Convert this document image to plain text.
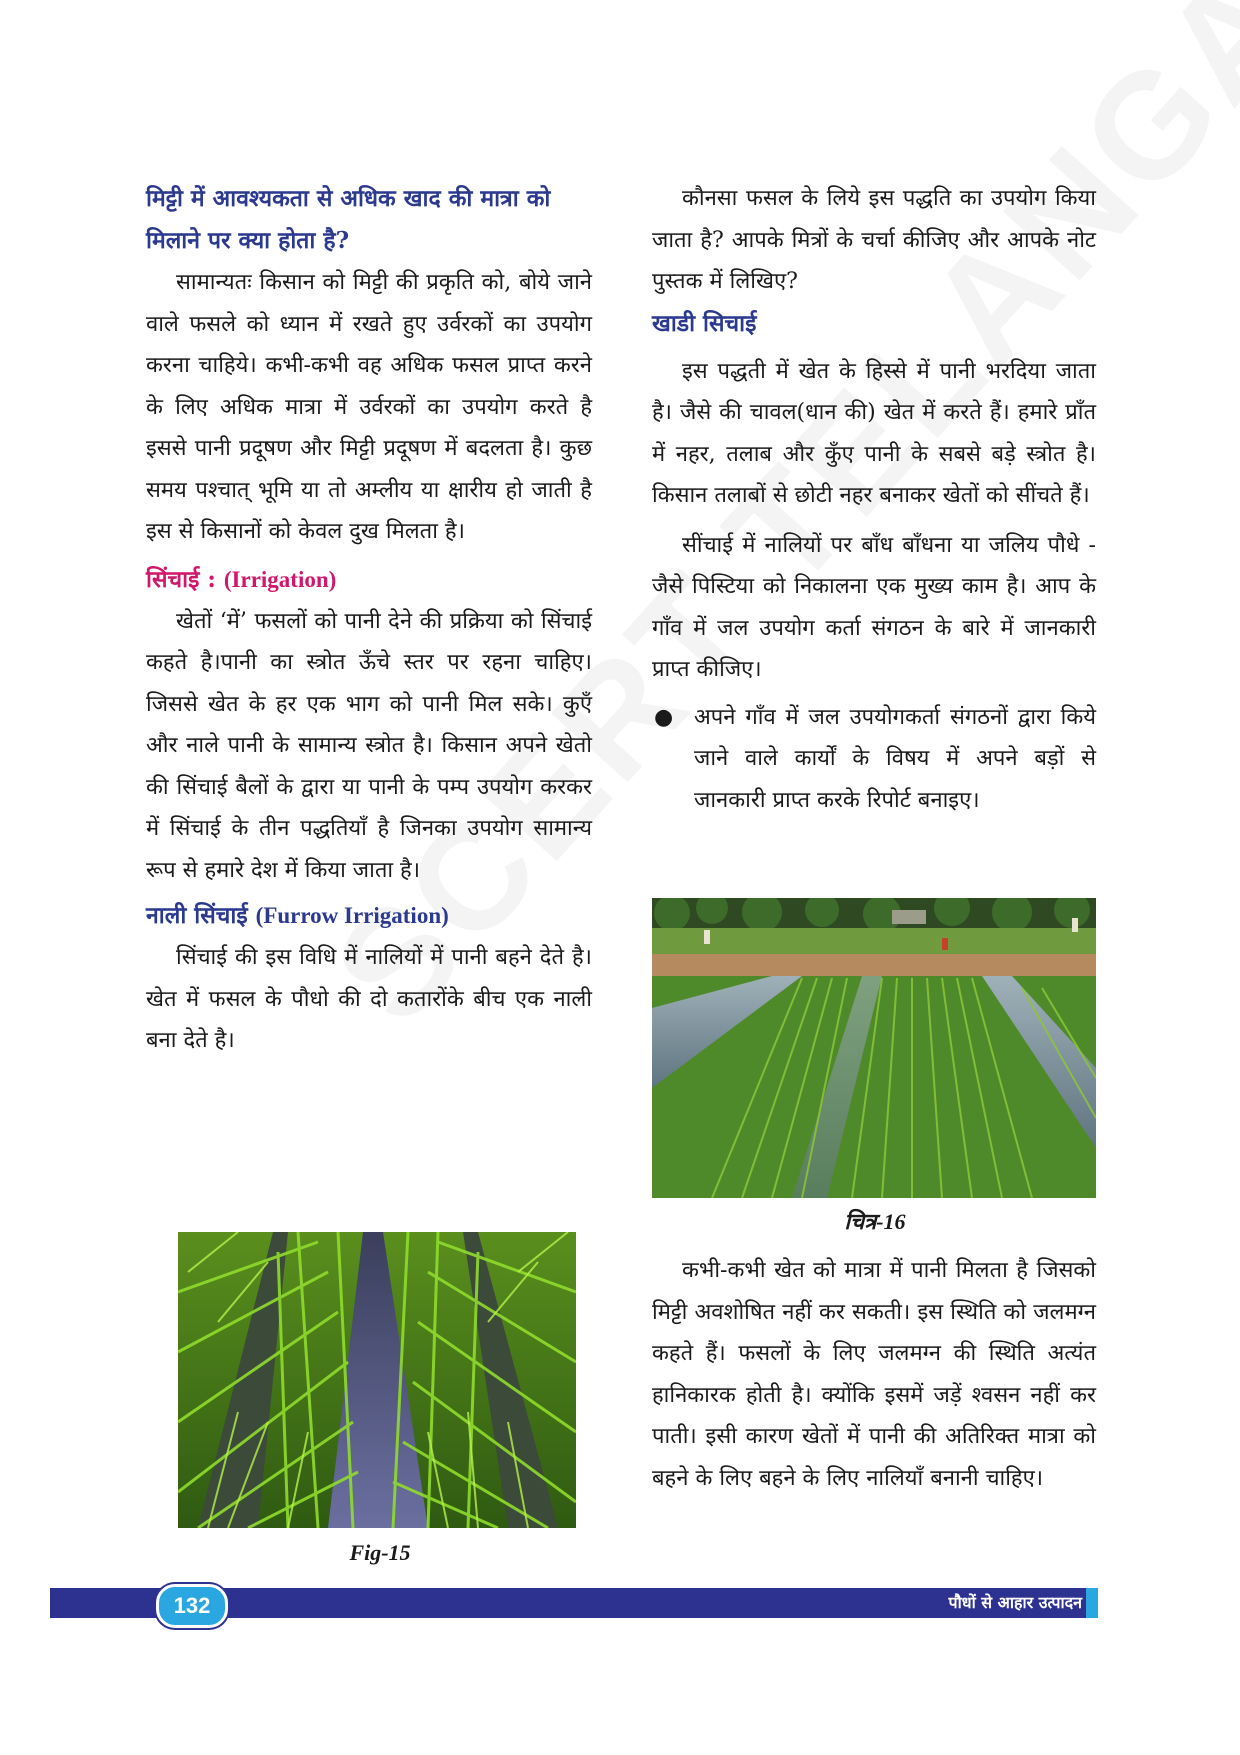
मिट्टी में आवश्यकता से अधिक खाद की मात्रा को मिलाने पर क्या होता है?

सामान्यतः किसान को मिट्टी की प्रकृति को, बोये जाने वाले फसले को ध्यान में रखते हुए उर्वरकों का उपयोग करना चाहिये। कभी-कभी वह अधिक फसल प्राप्त करने के लिए अधिक मात्रा में उर्वरकों का उपयोग करते है इससे पानी प्रदूषण और मिट्टी प्रदूषण में बदलता है। कुछ समय पश्चात् भूमि या तो अम्लीय या क्षारीय हो जाती है इस से किसानों को केवल दुख मिलता है।

सिंचाई : (Irrigation)

खेतों ‘में’ फसलों को पानी देने की प्रक्रिया को सिंचाई कहते है।पानी का स्त्रोत ऊँचे स्तर पर रहना चाहिए। जिससे खेत के हर एक भाग को पानी मिल सके। कुएँ और नाले पानी के सामान्य स्त्रोत है। किसान अपने खेतो की सिंचाई बैलों के द्वारा या पानी के पम्प उपयोग करकर में सिंचाई के तीन पद्धतियाँ है जिनका उपयोग सामान्य रूप से हमारे देश में किया जाता है।

नाली सिंचाई (Furrow Irrigation)

सिंचाई की इस विधि में नालियों में पानी बहने देते है। खेत में फसल के पौधो की दो कतारोंके बीच एक नाली बना देते है।

Fig-15

कौनसा फसल के लिये इस पद्धति का उपयोग किया जाता है? आपके मित्रों के चर्चा कीजिए और आपके नोट पुस्तक में लिखिए?

खाडी सिचाई

इस पद्धती में खेत के हिस्से में पानी भरदिया जाता है। जैसे की चावल(धान की) खेत में करते हैं। हमारे प्राँत में नहर, तलाब और कुँए पानी के सबसे बड़े स्त्रोत है। किसान तलाबों से छोटी नहर बनाकर खेतों को सींचते हैं।

सींचाई में नालियों पर बाँध बाँधना या जलिय पौधे - जैसे पिस्टिया को निकालना एक मुख्य काम है। आप के गाँव में जल उपयोग कर्ता संगठन के बारे में जानकारी प्राप्त कीजिए।

● अपने गाँव में जल उपयोगकर्ता संगठनों द्वारा किये जाने वाले कार्यों के विषय में अपने बड़ों से जानकारी प्राप्त करके रिपोर्ट बनाइए।
चित्र-16

कभी-कभी खेत को मात्रा में पानी मिलता है जिसको मिट्टी अवशोषित नहीं कर सकती। इस स्थिति को जलमग्न कहते हैं। फसलों के लिए जलमग्न की स्थिति अत्यंत हानिकारक होती है। क्योंकि इसमें जड़ें श्वसन नहीं कर पाती। इसी कारण खेतों में पानी की अतिरिक्त मात्रा को बहने के लिए बहने के लिए नालियाँ बनानी चाहिए।

132	पौधों से आहार उत्पादन
